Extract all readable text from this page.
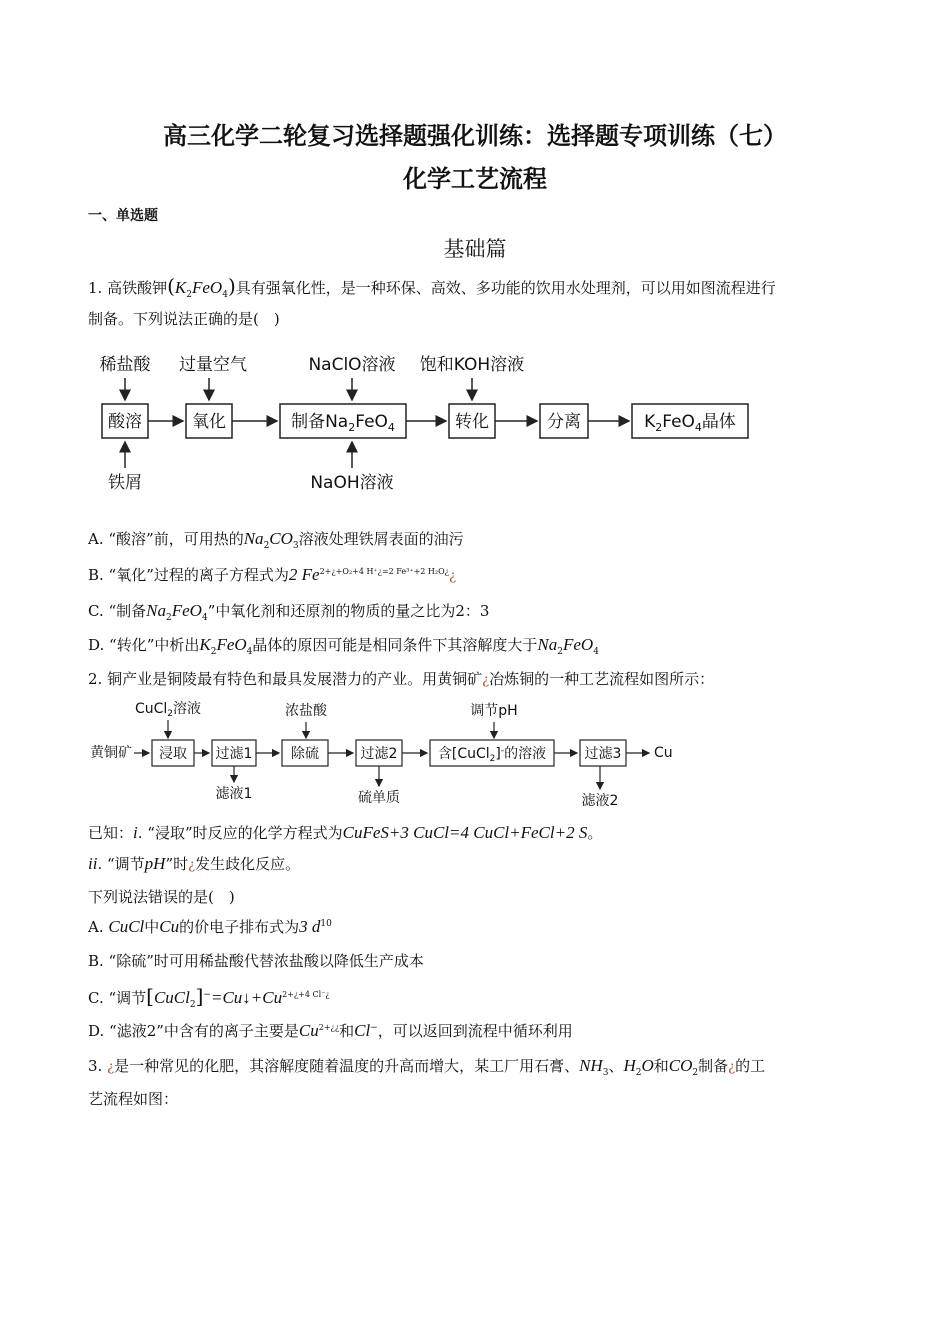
高三化学二轮复习选择题强化训练：选择题专项训练（七）
化学工艺流程
一、单选题
基础篇
1. 高铁酸钾$(K_2FeO_4)$具有强氧化性，是一种环保、高效、多功能的饮用水处理剂，可以用如图流程进行
制备。下列说法正确的是(　)
稀盐酸 过量空气	NaClO溶液 饱和KOH溶液
铁屑	NaOH溶液
酸溶	氧化	制备$Na_2FeO_4$	转化	分离	$K_2FeO_4$晶体
A. “酸溶”前，可用热的$Na_2CO_3$溶液处理铁屑表面的油污
B. “氧化”过程的离子方程式为2 $Fe^{2+¿+O_2+4 H^+¿=2 Fe^{3+}+2 H_2O¿}¿$
C. “制备$Na_2FeO_4$”中氧化剂和还原剂的物质的量之比为2：3
D. “转化”中析出$K_2FeO_4$晶体的原因可能是相同条件下其溶解度大于$Na_2FeO_4$
2. 铜产业是铜陵最有特色和最具发展潜力的产业。用黄铜矿¿冶炼铜的一种工艺流程如图所示：
CuCl$_2$溶液	浓盐酸	调节pH
黄铜矿
滤液1	硫单质	滤液2
Cu
浸取 过滤1	除硫	过滤2	含[CuCl$_2$]-的溶液	过滤3
已知：i. “浸取”时反应的化学方程式为CuFeS+3 CuCl=4 CuCl+FeCl+2 S。
ii. “调节pH”时¿发生歧化反应。
下列说法错误的是(　)
A. CuCl中Cu的价电子排布式为3 $d^{10}$
B. “除硫”时可用稀盐酸代替浓盐酸以降低生产成本
C. “调节$[CuCl_2]^-=Cu↓+Cu^{2+¿+4 Cl^-¿}$
D. “滤液2”中含有的离子主要是$Cu^{2+¿¿}$和Cl−，可以返回到流程中循环利用
3. ¿是一种常见的化肥，其溶解度随着温度的升高而增大，某工厂用石膏、$NH_3$、$H_2O$和$CO_2$制备¿的工
艺流程如图：
